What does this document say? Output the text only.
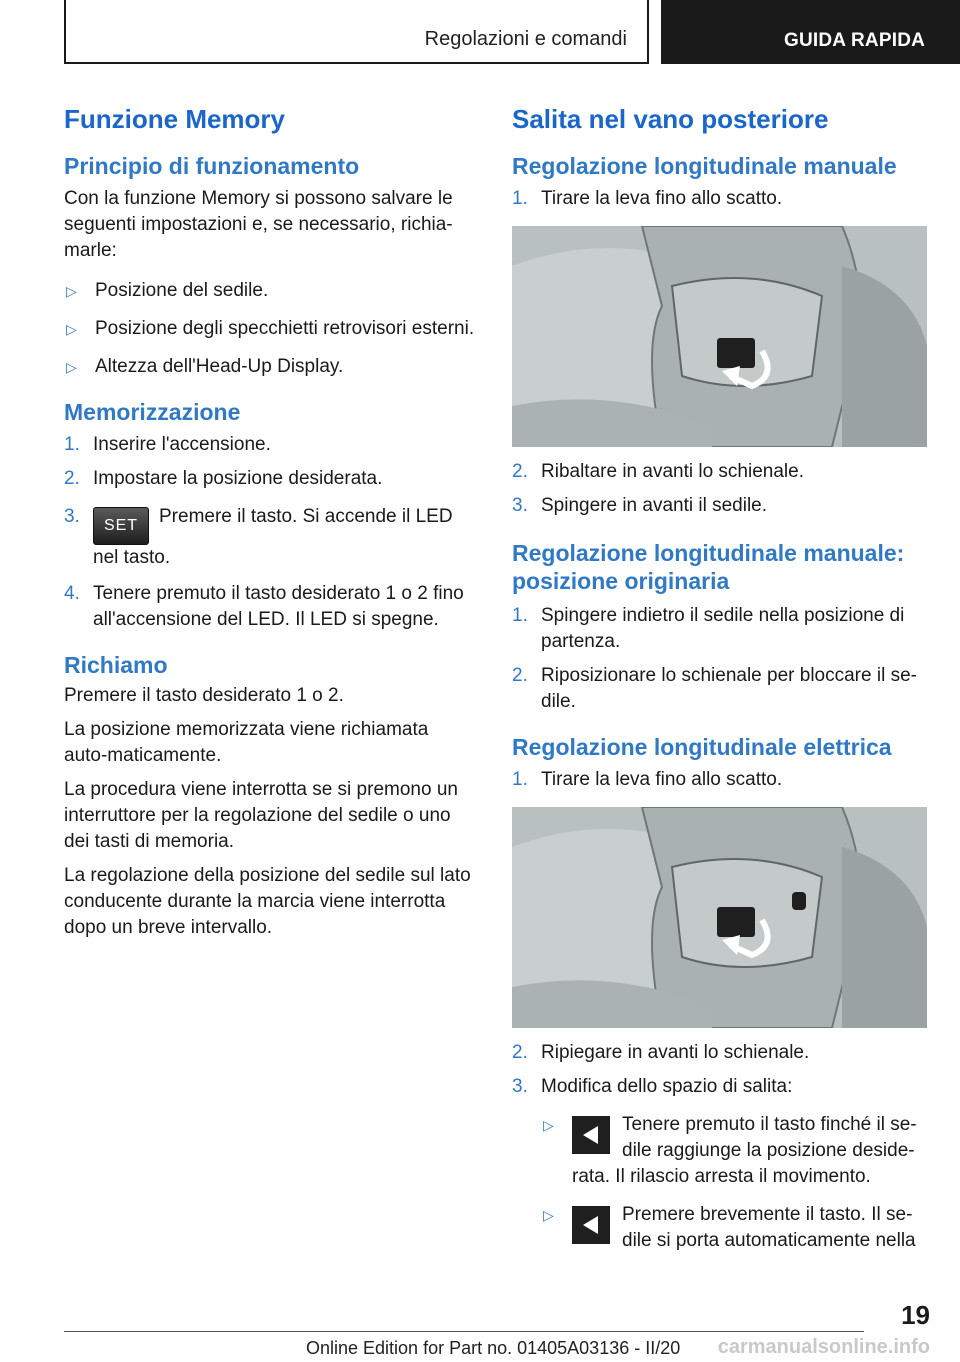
Regolazioni e comandi	GUIDA RAPIDA
Funzione Memory
Principio di funzionamento

Con la funzione Memory si possono salvare le seguenti impostazioni e, se necessario, richia-marle:

▷ Posizione del sedile.
▷ Posizione degli specchietti retrovisori esterni.
▷ Altezza dell'Head-Up Display.
Memorizzazione
1. Inserire l'accensione.
2. Impostare la posizione desiderata.
3.	SET Premere il tasto. Si accende il LED nel tasto.
4. Tenere premuto il tasto desiderato 1 o 2 fino all'accensione del LED. Il LED si spegne.
Richiamo

Premere il tasto desiderato 1 o 2.

La posizione memorizzata viene richiamata auto-maticamente.

La procedura viene interrotta se si premono un interruttore per la regolazione del sedile o uno dei tasti di memoria.

La regolazione della posizione del sedile sul lato conducente durante la marcia viene interrotta dopo un breve intervallo.

Salita nel vano posteriore
Regolazione longitudinale manuale
1. Tirare la leva fino allo scatto.
2. Ribaltare in avanti lo schienale.
3. Spingere in avanti il sedile.
Regolazione longitudinale manuale: posizione originaria
1. Spingere indietro il sedile nella posizione di partenza.
2. Riposizionare lo schienale per bloccare il se-dile.
Regolazione longitudinale elettrica
1. Tirare la leva fino allo scatto.
2. Ripiegare in avanti lo schienale.
3. Modifica dello spazio di salita:
▷	Tenere premuto il tasto finché il se-dile raggiunge la posizione deside-rata. Il rilascio arresta il movimento.
▷	Premere brevemente il tasto. Il se-dile si porta automaticamente nella
19
Online Edition for Part no. 01405A03136 - II/20 carmanualsonline.info
